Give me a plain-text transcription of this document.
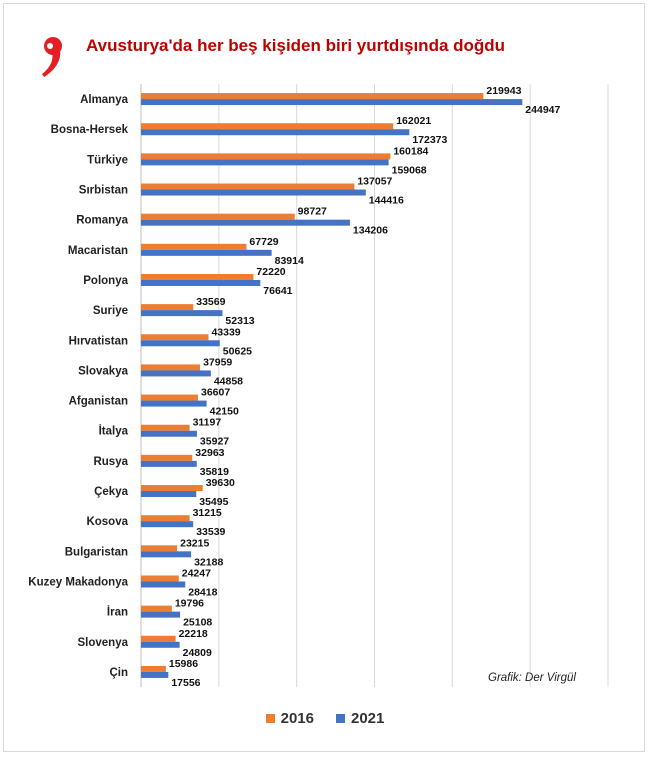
Avusturya'da her beş kişiden biri yurtdışında doğdu
Almanya
219943
244947
Bosna-Hersek
162021
172373
Türkiye
160184
159068
Sırbistan
137057
144416
Romanya
98727
134206
Macaristan
67729
83914
Polonya
72220
76641
Suriye
33569
52313
Hırvatistan
43339
50625
Slovakya
37959
44858
Afganistan
36607
42150
İtalya
31197
35927
Rusya
32963
35819
Çekya
39630
35495
Kosova
31215
33539
Bulgaristan
23215
32188
Kuzey Makadonya
24247
28418
İran
19796
25108
Slovenya
22218
24809
Çin
15986
17556	Grafik: Der Virgül
2016 2021
